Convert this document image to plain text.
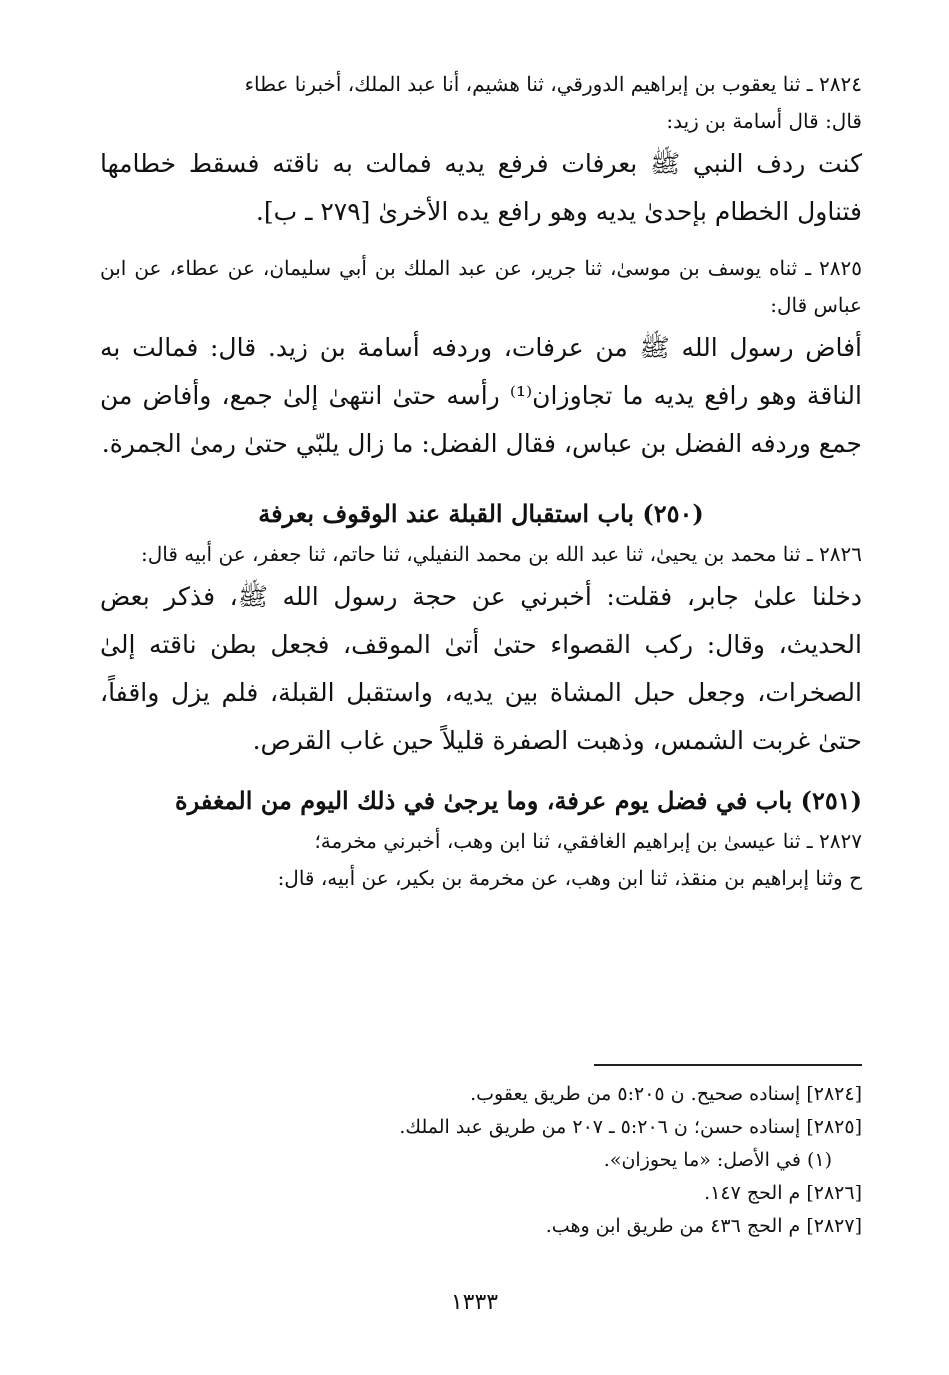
٢٨٢٤ ـ ثنا يعقوب بن إبراهيم الدورقي، ثنا هشيم، أنا عبد الملك، أخبرنا عطاء

قال: قال أسامة بن زيد:

كنت ردف النبي ﷺ بعرفات فرفع يديه فمالت به ناقته فسقط خطامها فتناول الخطام بإحدىٰ يديه وهو رافع يده الأخرىٰ [٢٧٩ ـ ب].

٢٨٢٥ ـ ثناه يوسف بن موسىٰ، ثنا جرير، عن عبد الملك بن أبي سليمان، عن عطاء، عن ابن عباس قال:

أفاض رسول الله ﷺ من عرفات، وردفه أسامة بن زيد. قال: فمالت به الناقة وهو رافع يديه ما تجاوزان⁽¹⁾ رأسه حتىٰ انتهىٰ إلىٰ جمع، وأفاض من جمع وردفه الفضل بن عباس، فقال الفضل: ما زال يلبّي حتىٰ رمىٰ الجمرة.

(٢٥٠) باب استقبال القبلة عند الوقوف بعرفة

٢٨٢٦ ـ ثنا محمد بن يحيىٰ، ثنا عبد الله بن محمد النفيلي، ثنا حاتم، ثنا جعفر، عن أبيه قال:

دخلنا علىٰ جابر، فقلت: أخبرني عن حجة رسول الله ﷺ، فذكر بعض الحديث، وقال: ركب القصواء حتىٰ أتىٰ الموقف، فجعل بطن ناقته إلىٰ الصخرات، وجعل حبل المشاة بين يديه، واستقبل القبلة، فلم يزل واقفاً، حتىٰ غربت الشمس، وذهبت الصفرة قليلاً حين غاب القرص.

(٢٥١) باب في فضل يوم عرفة، وما يرجىٰ في ذلك اليوم من المغفرة

٢٨٢٧ ـ ثنا عيسىٰ بن إبراهيم الغافقي، ثنا ابن وهب، أخبرني مخرمة؛

ح وثنا إبراهيم بن منقذ، ثنا ابن وهب، عن مخرمة بن بكير، عن أبيه، قال:

[٢٨٢٤] إسناده صحيح. ن ٥:٢٠٥ من طريق يعقوب.

[٢٨٢٥] إسناده حسن؛ ن ٥:٢٠٦ ـ ٢٠٧ من طريق عبد الملك.

(١) في الأصل: «ما يحوزان».

[٢٨٢٦] م الحج ١٤٧.

[٢٨٢٧] م الحج ٤٣٦ من طريق ابن وهب.

١٣٣٣
